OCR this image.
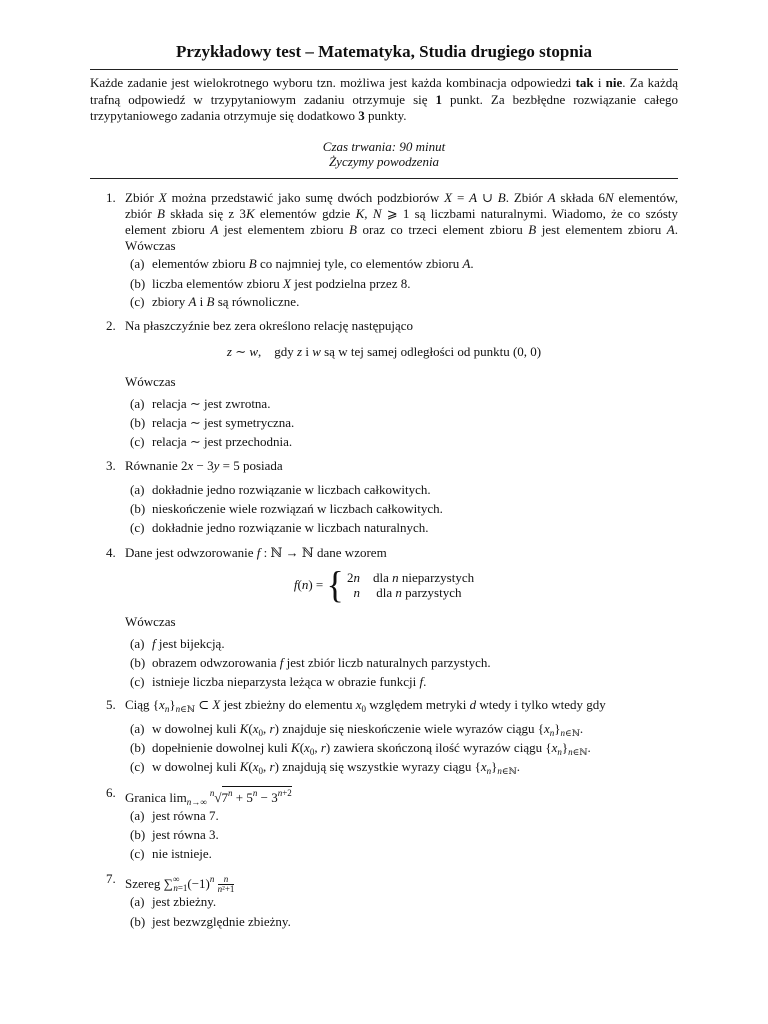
Przykładowy test – Matematyka, Studia drugiego stopnia
Każde zadanie jest wielokrotnego wyboru tzn. możliwa jest każda kombinacja odpowiedzi tak i nie. Za każdą trafną odpowiedź w trzypytaniowym zadaniu otrzymuje się 1 punkt. Za bezbłędne rozwiązanie całego trzypytaniowego zadania otrzymuje się dodatkowo 3 punkty.
Czas trwania: 90 minut
Życzymy powodzenia
1. Zbiór X można przedstawić jako sumę dwóch podzbiorów X = A ∪ B. Zbiór A składa 6N elementów, zbiór B składa się z 3K elementów gdzie K, N ⩾ 1 są liczbami naturalnymi. Wiadomo, że co szósty element zbioru A jest elementem zbioru B oraz co trzeci element zbioru B jest elementem zbioru A. Wówczas
(a) elementów zbioru B co najmniej tyle, co elementów zbioru A.
(b) liczba elementów zbioru X jest podzielna przez 8.
(c) zbiory A i B są równoliczne.
2. Na płaszczyźnie bez zera określono relację następująco
z ∼ w,    gdy z i w są w tej samej odległości od punktu (0, 0)
Wówczas
(a) relacja ∼ jest zwrotna.
(b) relacja ∼ jest symetryczna.
(c) relacja ∼ jest przechodnia.
3. Równanie 2x − 3y = 5 posiada
(a) dokładnie jedno rozwiązanie w liczbach całkowitych.
(b) nieskończenie wiele rozwiązań w liczbach całkowitych.
(c) dokładnie jedno rozwiązanie w liczbach naturalnych.
4. Dane jest odwzorowanie f : ℕ → ℕ dane wzorem
f(n) = { 2n    dla n nieparzystych
n     dla n parzystych
Wówczas
(a) f jest bijekcją.
(b) obrazem odwzorowania f jest zbiór liczb naturalnych parzystych.
(c) istnieje liczba nieparzysta leżąca w obrazie funkcji f.
5. Ciąg $\{x_n\}_{n\in ℕ}$ ⊂ X jest zbieżny do elementu $x_0$ względem metryki d wtedy i tylko wtedy gdy
(a) w dowolnej kuli $K(x_0$, r) znajduje się nieskończenie wiele wyrazów ciągu $\{x_n\}_{n\in ℕ}$.
(b) dopełnienie dowolnej kuli $K(x_0$, r) zawiera skończoną ilość wyrazów ciągu $\{x_n\}_{n\in ℕ}$.
(c) w dowolnej kuli $K(x_0$, r) znajdują się wszystkie wyrazy ciągu $\{x_n\}_{n\in ℕ}$.
6. Granica $\lim_{n\to\infty} ^n√7^n + 5^n - 3^{n+2}$
(a) jest równa 7.
(b) jest równa 3.
(c) nie istnieje.
7. Szereg $\sum^\infty_{n=1}(-1)^n \frac{n}{\text{n²+1}}$
(a) jest zbieżny.
(b) jest bezwzględnie zbieżny.
